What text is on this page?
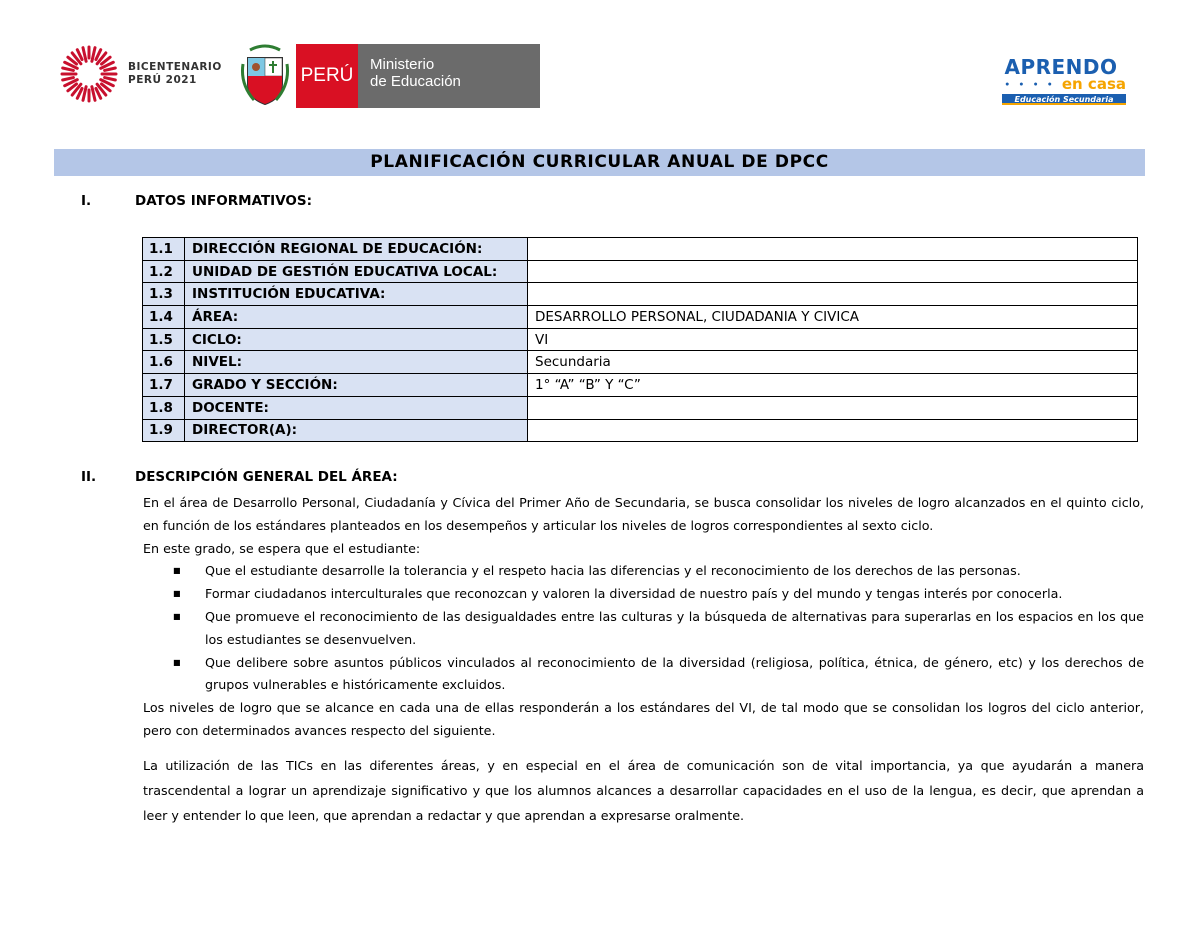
BICENTENARIO
PERÚ 2021	PERÚ
Ministerio
de Educación
APRENDO
● ● ● ● en casa
Educación Secundaria
PLANIFICACIÓN CURRICULAR ANUAL DE DPCC
I.	DATOS INFORMATIVOS:
1.1	DIRECCIÓN REGIONAL DE EDUCACIÓN:	
1.2	UNIDAD DE GESTIÓN EDUCATIVA LOCAL:	
1.3	INSTITUCIÓN EDUCATIVA:	
1.4	ÁREA:	DESARROLLO PERSONAL, CIUDADANIA Y CIVICA
1.5	CICLO:	VI
1.6	NIVEL:	Secundaria
1.7	GRADO Y SECCIÓN:	1° “A” “B” Y “C”
1.8	DOCENTE:	
1.9	DIRECTOR(A):	
II.	DESCRIPCIÓN GENERAL DEL ÁREA:

En el área de Desarrollo Personal, Ciudadanía y Cívica del Primer Año de Secundaria, se busca consolidar los niveles de logro alcanzados en el quinto ciclo, en función de los estándares planteados en los desempeños y articular los niveles de logros correspondientes al sexto ciclo.

En este grado, se espera que el estudiante:

■ Que el estudiante desarrolle la tolerancia y el respeto hacia las diferencias y el reconocimiento de los derechos de las personas.
■ Formar ciudadanos interculturales que reconozcan y valoren la diversidad de nuestro país y del mundo y tengas interés por conocerla.
■ Que promueve el reconocimiento de las desigualdades entre las culturas y la búsqueda de alternativas para superarlas en los espacios en los que los estudiantes se desenvuelven.
■ Que delibere sobre asuntos públicos vinculados al reconocimiento de la diversidad (religiosa, política, étnica, de género, etc) y los derechos de grupos vulnerables e históricamente excluidos.

Los niveles de logro que se alcance en cada una de ellas responderán a los estándares del VI, de tal modo que se consolidan los logros del ciclo anterior, pero con determinados avances respecto del siguiente.

La utilización de las TICs en las diferentes áreas, y en especial en el área de comunicación son de vital importancia, ya que ayudarán a manera trascendental a lograr un aprendizaje significativo y que los alumnos alcances a desarrollar capacidades en el uso de la lengua, es decir, que aprendan a leer y entender lo que leen, que aprendan a redactar y que aprendan a expresarse oralmente.
